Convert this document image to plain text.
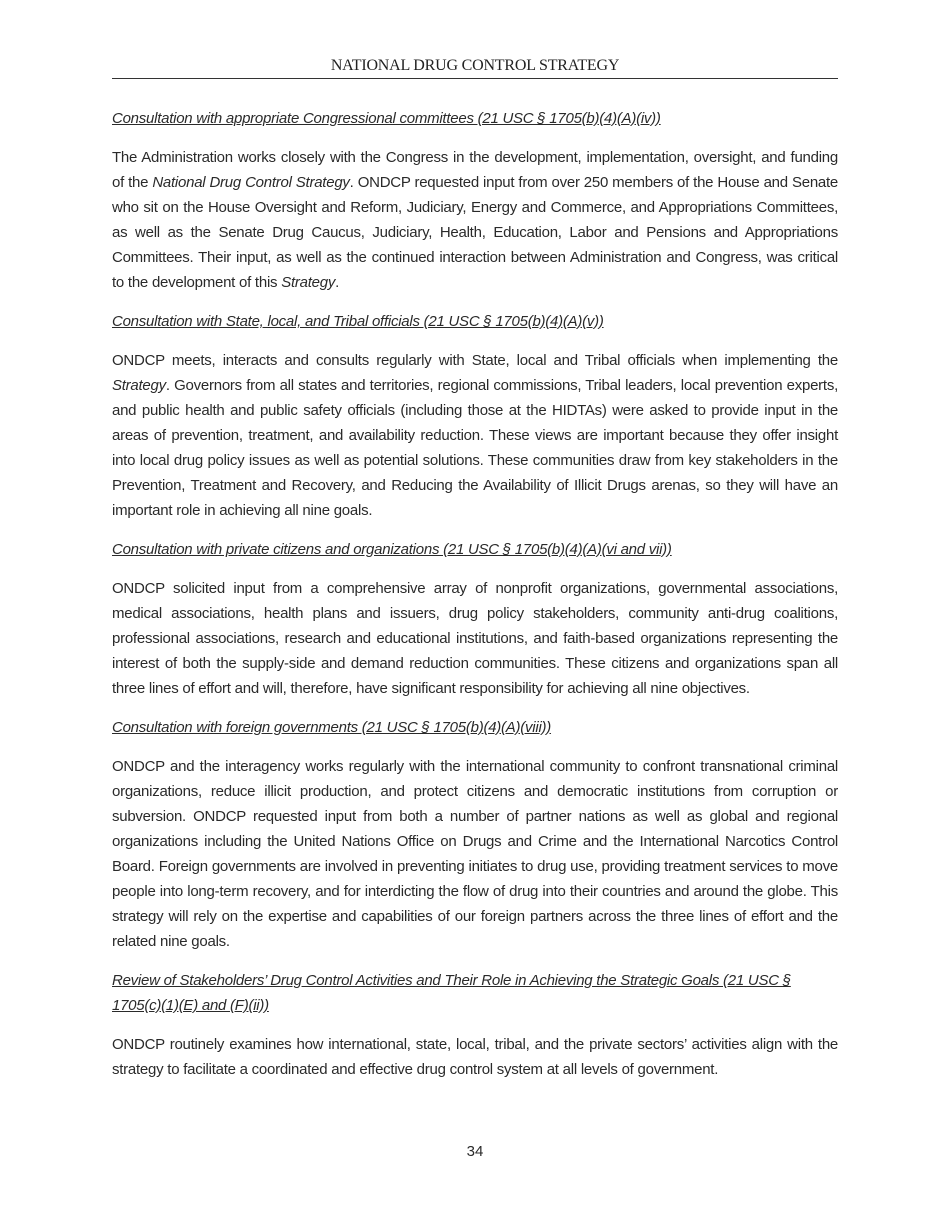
NATIONAL DRUG CONTROL STRATEGY
Consultation with appropriate Congressional committees (21 USC § 1705(b)(4)(A)(iv))
The Administration works closely with the Congress in the development, implementation, oversight, and funding of the National Drug Control Strategy. ONDCP requested input from over 250 members of the House and Senate who sit on the House Oversight and Reform, Judiciary, Energy and Commerce, and Appropriations Committees, as well as the Senate Drug Caucus, Judiciary, Health, Education, Labor and Pensions and Appropriations Committees. Their input, as well as the continued interaction between Administration and Congress, was critical to the development of this Strategy.
Consultation with State, local, and Tribal officials (21 USC § 1705(b)(4)(A)(v))
ONDCP meets, interacts and consults regularly with State, local and Tribal officials when implementing the Strategy. Governors from all states and territories, regional commissions, Tribal leaders, local prevention experts, and public health and public safety officials (including those at the HIDTAs) were asked to provide input in the areas of prevention, treatment, and availability reduction. These views are important because they offer insight into local drug policy issues as well as potential solutions. These communities draw from key stakeholders in the Prevention, Treatment and Recovery, and Reducing the Availability of Illicit Drugs arenas, so they will have an important role in achieving all nine goals.
Consultation with private citizens and organizations (21 USC § 1705(b)(4)(A)(vi and vii))
ONDCP solicited input from a comprehensive array of nonprofit organizations, governmental associations, medical associations, health plans and issuers, drug policy stakeholders, community anti-drug coalitions, professional associations, research and educational institutions, and faith-based organizations representing the interest of both the supply-side and demand reduction communities. These citizens and organizations span all three lines of effort and will, therefore, have significant responsibility for achieving all nine objectives.
Consultation with foreign governments (21 USC § 1705(b)(4)(A)(viii))
ONDCP and the interagency works regularly with the international community to confront transnational criminal organizations, reduce illicit production, and protect citizens and democratic institutions from corruption or subversion. ONDCP requested input from both a number of partner nations as well as global and regional organizations including the United Nations Office on Drugs and Crime and the International Narcotics Control Board. Foreign governments are involved in preventing initiates to drug use, providing treatment services to move people into long-term recovery, and for interdicting the flow of drug into their countries and around the globe. This strategy will rely on the expertise and capabilities of our foreign partners across the three lines of effort and the related nine goals.
Review of Stakeholders’ Drug Control Activities and Their Role in Achieving the Strategic Goals (21 USC § 1705(c)(1)(E) and (F)(ii))
ONDCP routinely examines how international, state, local, tribal, and the private sectors’ activities align with the strategy to facilitate a coordinated and effective drug control system at all levels of government.
34
